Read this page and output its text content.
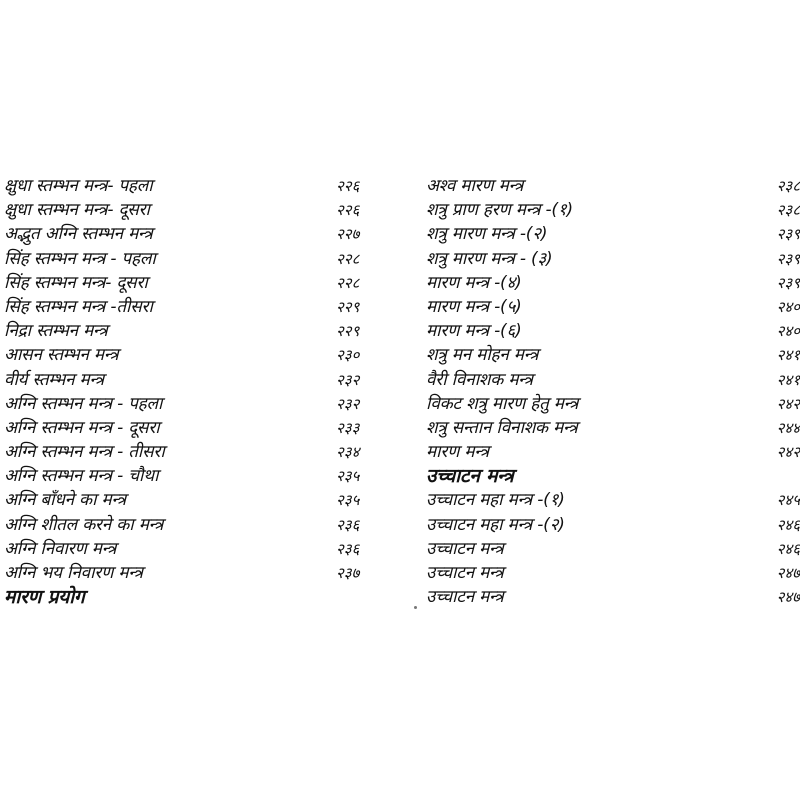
क्षुधा स्तम्भन मन्त्र- पहला	२२६
क्षुधा स्तम्भन मन्त्र- दूसरा	२२६
अद्भुत अग्नि स्तम्भन मन्त्र	२२७
सिंह स्तम्भन मन्त्र - पहला	२२८
सिंह स्तम्भन मन्त्र- दूसरा	२२८
सिंह स्तम्भन मन्त्र -तीसरा	२२९
निद्रा स्तम्भन मन्त्र	२२९
आसन स्तम्भन मन्त्र	२३०
वीर्य स्तम्भन मन्त्र	२३२
अग्नि स्तम्भन मन्त्र - पहला	२३२
अग्नि स्तम्भन मन्त्र - दूसरा	२३३
अग्नि स्तम्भन मन्त्र - तीसरा	२३४
अग्नि स्तम्भन मन्त्र - चौथा	२३५
अग्नि बाँधने का मन्त्र	२३५
अग्नि शीतल करने का मन्त्र	२३६
अग्नि निवारण मन्त्र	२३६
अग्नि भय निवारण मन्त्र	२३७
मारण प्रयोग
अश्व मारण मन्त्र	२३८
शत्रु प्राण हरण मन्त्र -(१)	२३८
शत्रु मारण मन्त्र -(२)	२३९
शत्रु मारण मन्त्र - (३)	२३९
मारण मन्त्र -(४)	२३९
मारण मन्त्र -(५)	२४०
मारण मन्त्र -(६)	२४०
शत्रु मन मोहन मन्त्र	२४१
वैरी विनाशक मन्त्र	२४१
विकट शत्रु मारण हेतु मन्त्र	२४२
शत्रु सन्तान विनाशक मन्त्र	२४४
मारण मन्त्र	२४२
उच्चाटन मन्त्र
उच्चाटन महा मन्त्र -(१)	२४५
उच्चाटन महा मन्त्र -(२)	२४६
उच्चाटन मन्त्र	२४६
उच्चाटन मन्त्र	२४७
उच्चाटन मन्त्र	२४७
